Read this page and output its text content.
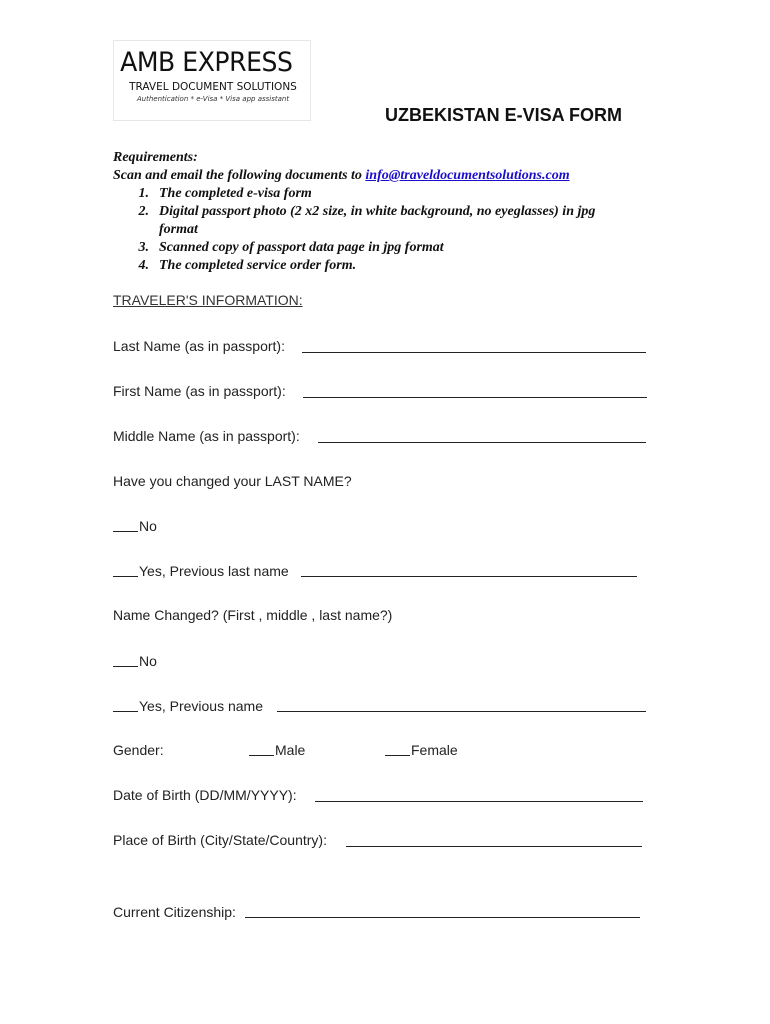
AMB EXPRESS
TRAVEL DOCUMENT SOLUTIONS
Authentication * e-Visa * Visa app assistant
UZBEKISTAN E-VISA FORM
Requirements:
Scan and email the following documents to info@traveldocumentsolutions.com
1. The completed e-visa form
2. Digital passport photo (2 x2 size, in white background, no eyeglasses) in jpg
format
3. Scanned copy of passport data page in jpg format
4. The completed service order form.
TRAVELER'S INFORMATION:
Last Name (as in passport):
First Name (as in passport):
Middle Name (as in passport):
Have you changed your LAST NAME?
No
Yes, Previous last name
Name Changed? (First , middle , last name?)
No
Yes, Previous name
Gender:	Male	Female
Date of Birth (DD/MM/YYYY):
Place of Birth (City/State/Country):
Current Citizenship:
